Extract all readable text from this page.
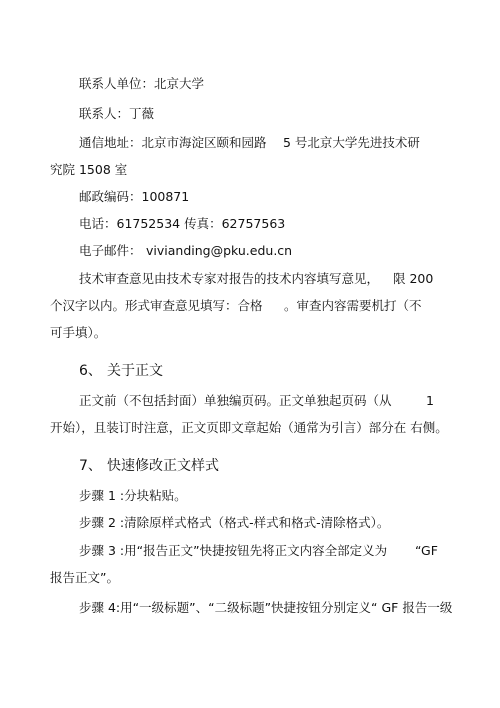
联系人单位：北京大学
联系人：丁薇
通信地址：北京市海淀区颐和园路 5 号北京大学先进技术研
究院 1508 室
邮政编码：100871
电话：61752534 传真：62757563
电子邮件： vivianding@pku.edu.cn
技术审查意见由技术专家对报告的技术内容填写意见， 限 200
个汉字以内。形式审查意见填写：合格 。审查内容需要机打（不
可手填）。
6、 关于正文
正文前（不包括封面）单独编页码。正文单独起页码（从	1
开始），且装订时注意，正文页即文章起始（通常为引言）部分在 右侧。
7、 快速修改正文样式
步骤 1 :分块粘贴。
步骤 2 :清除原样式格式（格式-样式和格式-清除格式）。
步骤 3 :用“报告正文”快捷按钮先将正文内容全部定义为 “GF
报告正文”。
步骤 4:用“一级标题”、“二级标题”快捷按钮分别定义“ GF 报告一级
